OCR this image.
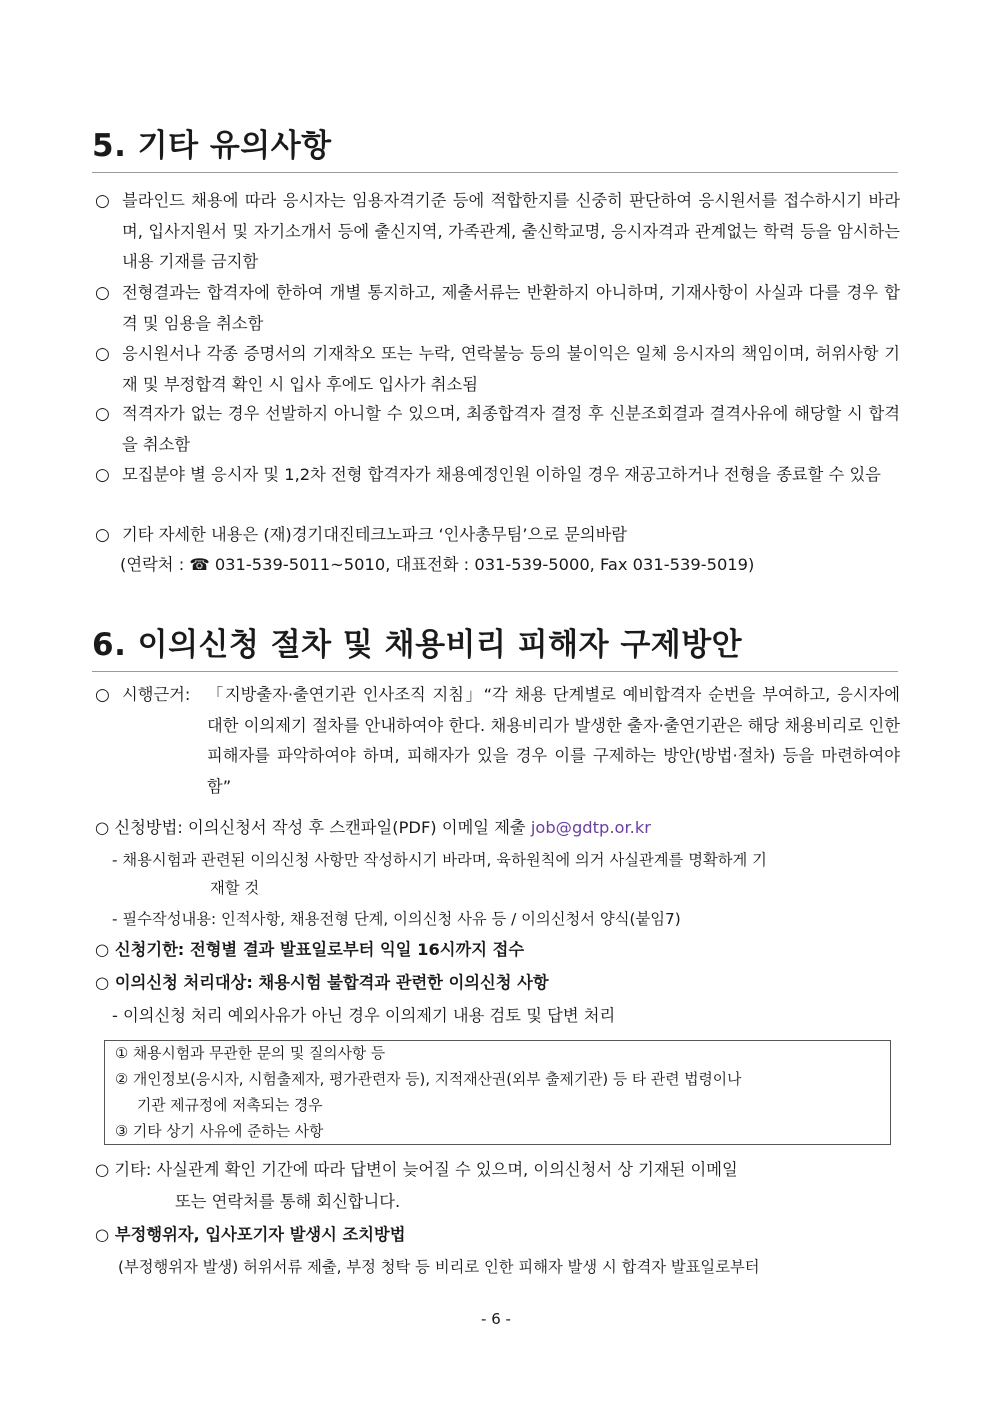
5. 기타 유의사항
○ 블라인드 채용에 따라 응시자는 임용자격기준 등에 적합한지를 신중히 판단하여 응시원서를 접수하시기 바라며, 입사지원서 및 자기소개서 등에 출신지역, 가족관계, 출신학교명, 응시자격과 관계없는 학력 등을 암시하는 내용 기재를 금지함
○ 전형결과는 합격자에 한하여 개별 통지하고, 제출서류는 반환하지 아니하며, 기재사항이 사실과 다를 경우 합격 및 임용을 취소함
○ 응시원서나 각종 증명서의 기재착오 또는 누락, 연락불능 등의 불이익은 일체 응시자의 책임이며, 허위사항 기재 및 부정합격 확인 시 입사 후에도 입사가 취소됨
○ 적격자가 없는 경우 선발하지 아니할 수 있으며, 최종합격자 결정 후 신분조회결과 결격사유에 해당할 시 합격을 취소함
○ 모집분야 별 응시자 및 1,2차 전형 합격자가 채용예정인원 이하일 경우 재공고하거나 전형을 종료할 수 있음
○ 기타 자세한 내용은 (재)경기대진테크노파크 ‘인사총무팀’으로 문의바람
(연락처 : ☎ 031-539-5011~5010, 대표전화 : 031-539-5000, Fax 031-539-5019)
6. 이의신청 절차 및 채용비리 피해자 구제방안
○ 시행근거:	「지방출자·출연기관 인사조직 지침」“각 채용 단계별로 예비합격자 순번을 부여하고, 응시자에 대한 이의제기 절차를 안내하여야 한다. 채용비리가 발생한 출자·출연기관은 해당 채용비리로 인한 피해자를 파악하여야 하며, 피해자가 있을 경우 이를 구제하는 방안(방법·절차) 등을 마련하여야 함”
○ 신청방법: 이의신청서 작성 후 스캔파일(PDF) 이메일 제출 job@gdtp.or.kr
- 채용시험과 관련된 이의신청 사항만 작성하시기 바라며, 육하원칙에 의거 사실관계를 명확하게 기
재할 것
- 필수작성내용: 인적사항, 채용전형 단계, 이의신청 사유 등 / 이의신청서 양식(붙임7)
○ 신청기한: 전형별 결과 발표일로부터 익일 16시까지 접수
○ 이의신청 처리대상: 채용시험 불합격과 관련한 이의신청 사항
- 이의신청 처리 예외사유가 아닌 경우 이의제기 내용 검토 및 답변 처리
① 채용시험과 무관한 문의 및 질의사항 등
② 개인정보(응시자, 시험출제자, 평가관련자 등), 지적재산권(외부 출제기관) 등 타 관련 법령이나
기관 제규정에 저촉되는 경우
③ 기타 상기 사유에 준하는 사항
○ 기타: 사실관계 확인 기간에 따라 답변이 늦어질 수 있으며, 이의신청서 상 기재된 이메일
또는 연락처를 통해 회신합니다.
○ 부정행위자, 입사포기자 발생시 조치방법
(부정행위자 발생) 허위서류 제출, 부정 청탁 등 비리로 인한 피해자 발생 시 합격자 발표일로부터
- 6 -
